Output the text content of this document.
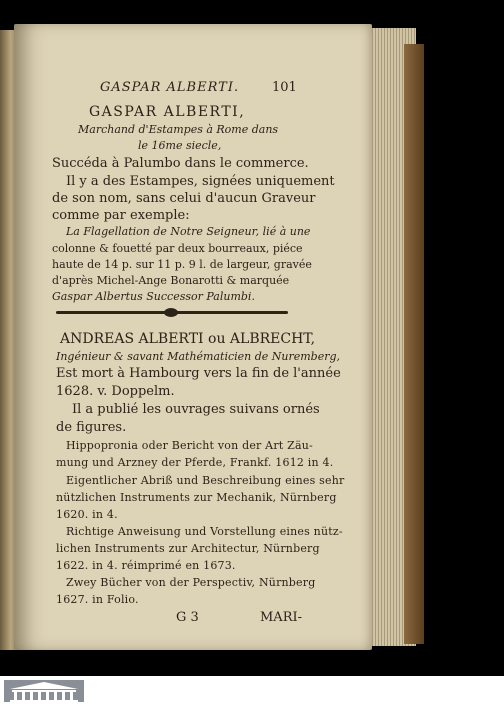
GASPAR ALBERTI.	101
GASPAR ALBERTI,
Marchand d'Estampes à Rome dans
le 16me siecle,
Succéda à Palumbo dans le commerce.
Il y a des Estampes, signées uniquement
de son nom, sans celui d'aucun Graveur
comme par exemple:
La Flagellation de Notre Seigneur, lié à une
colonne & fouetté par deux bourreaux, piéce
haute de 14 p. sur 11 p. 9 l. de largeur, gravée
d'après Michel-Ange Bonarotti & marquée
Gaspar Albertus Successor Palumbi.
ANDREAS ALBERTI ou ALBRECHT,
Ingénieur & savant Mathématicien de Nuremberg,
Est mort à Hambourg vers la fin de l'année
1628. v. Doppelm.
Il a publié les ouvrages suivans ornés
de figures.
Hippopronia oder Bericht von der Art Zäu-
mung und Arzney der Pferde, Frankf. 1612 in 4.
Eigentlicher Abriß und Beschreibung eines sehr
nützlichen Instruments zur Mechanik, Nürnberg
1620. in 4.
Richtige Anweisung und Vorstellung eines nütz-
lichen Instruments zur Architectur, Nürnberg
1622. in 4. réimprimé en 1673.
Zwey Bücher von der Perspectiv, Nürnberg
1627. in Folio.
G 3	MARI-
